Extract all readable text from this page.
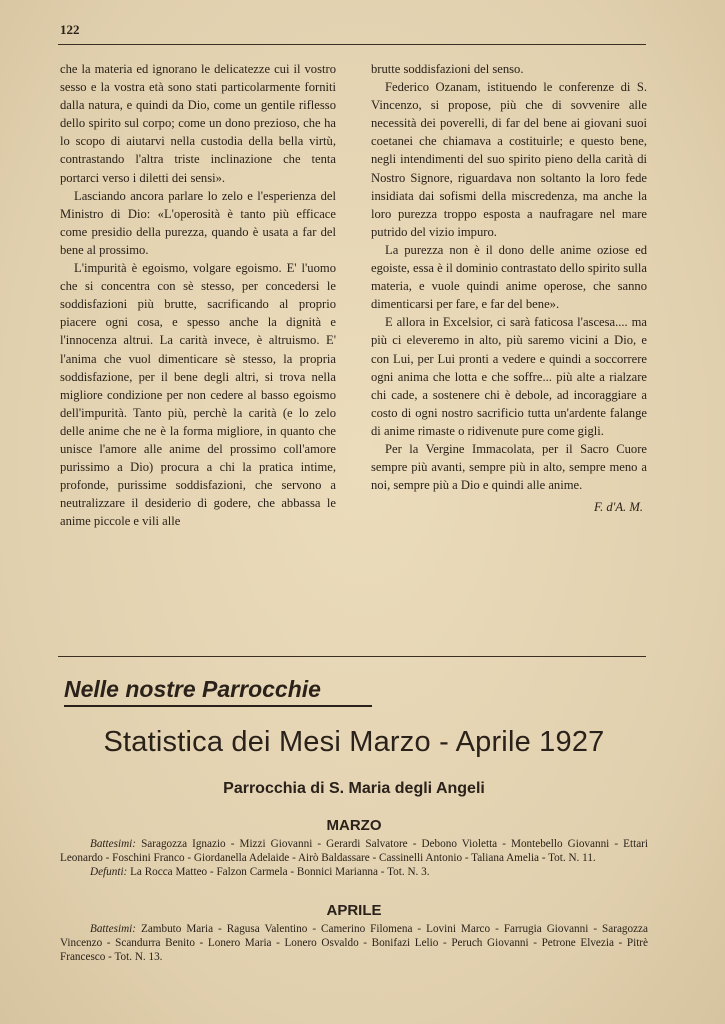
122

che la materia ed ignorano le delicatezze cui il vostro sesso e la vostra età sono stati particolarmente forniti dalla natura, e quindi da Dio, come un gentile riflesso dello spirito sul corpo; come un dono prezioso, che ha lo scopo di aiutarvi nella custodia della bella virtù, contrastando l'altra triste inclinazione che tenta portarci verso i diletti dei sensi».

Lasciando ancora parlare lo zelo e l'esperienza del Ministro di Dio: «L'operosità è tanto più efficace come presidio della purezza, quando è usata a far del bene al prossimo.

L'impurità è egoismo, volgare egoismo. E' l'uomo che si concentra con sè stesso, per concedersi le soddisfazioni più brutte, sacrificando al proprio piacere ogni cosa, e spesso anche la dignità e l'innocenza altrui. La carità invece, è altruismo. E' l'anima che vuol dimenticare sè stesso, la propria soddisfazione, per il bene degli altri, si trova nella migliore condizione per non cedere al basso egoismo dell'impurità. Tanto più, perchè la carità (e lo zelo delle anime che ne è la forma migliore, in quanto che unisce l'amore alle anime del prossimo coll'amore purissimo a Dio) procura a chi la pratica intime, profonde, purissime soddisfazioni, che servono a neutralizzare il desiderio di godere, che abbassa le anime piccole e vili alle

brutte soddisfazioni del senso.

Federico Ozanam, istituendo le conferenze di S. Vincenzo, si propose, più che di sovvenire alle necessità dei poverelli, di far del bene ai giovani suoi coetanei che chiamava a costituirle; e questo bene, negli intendimenti del suo spirito pieno della carità di Nostro Signore, riguardava non soltanto la loro fede insidiata dai sofismi della miscredenza, ma anche la loro purezza troppo esposta a naufragare nel mare putrido del vizio impuro.

La purezza non è il dono delle anime oziose ed egoiste, essa è il dominio contrastato dello spirito sulla materia, e vuole quindi anime operose, che sanno dimenticarsi per fare, e far del bene».

E allora in Excelsior, ci sarà faticosa l'ascesa.... ma più ci eleveremo in alto, più saremo vicini a Dio, e con Lui, per Lui pronti a vedere e quindi a soccorrere ogni anima che lotta e che soffre... più alte a rialzare chi cade, a sostenere chi è debole, ad incoraggiare a costo di ogni nostro sacrificio tutta un'ardente falange di anime rimaste o ridivenute pure come gigli.

Per la Vergine Immacolata, per il Sacro Cuore sempre più avanti, sempre più in alto, sempre meno a noi, sempre più a Dio e quindi alle anime.

F. d'A. M.
Nelle nostre Parrocchie
Statistica dei Mesi Marzo - Aprile 1927
Parrocchia di S. Maria degli Angeli
MARZO

Battesimi: Saragozza Ignazio - Mizzi Giovanni - Gerardi Salvatore - Debono Violetta - Montebello Giovanni - Ettari Leonardo - Foschini Franco - Giordanella Adelaide - Airò Baldassare - Cassinelli Antonio - Taliana Amelia - Tot. N. 11.

Defunti: La Rocca Matteo - Falzon Carmela - Bonnici Marianna - Tot. N. 3.

APRILE

Battesimi: Zambuto Maria - Ragusa Valentino - Camerino Filomena - Lovini Marco - Farrugia Giovanni - Saragozza Vincenzo - Scandurra Benito - Lonero Maria - Lonero Osvaldo - Bonifazi Lelio - Peruch Giovanni - Petrone Elvezia - Pitrè Francesco - Tot. N. 13.
